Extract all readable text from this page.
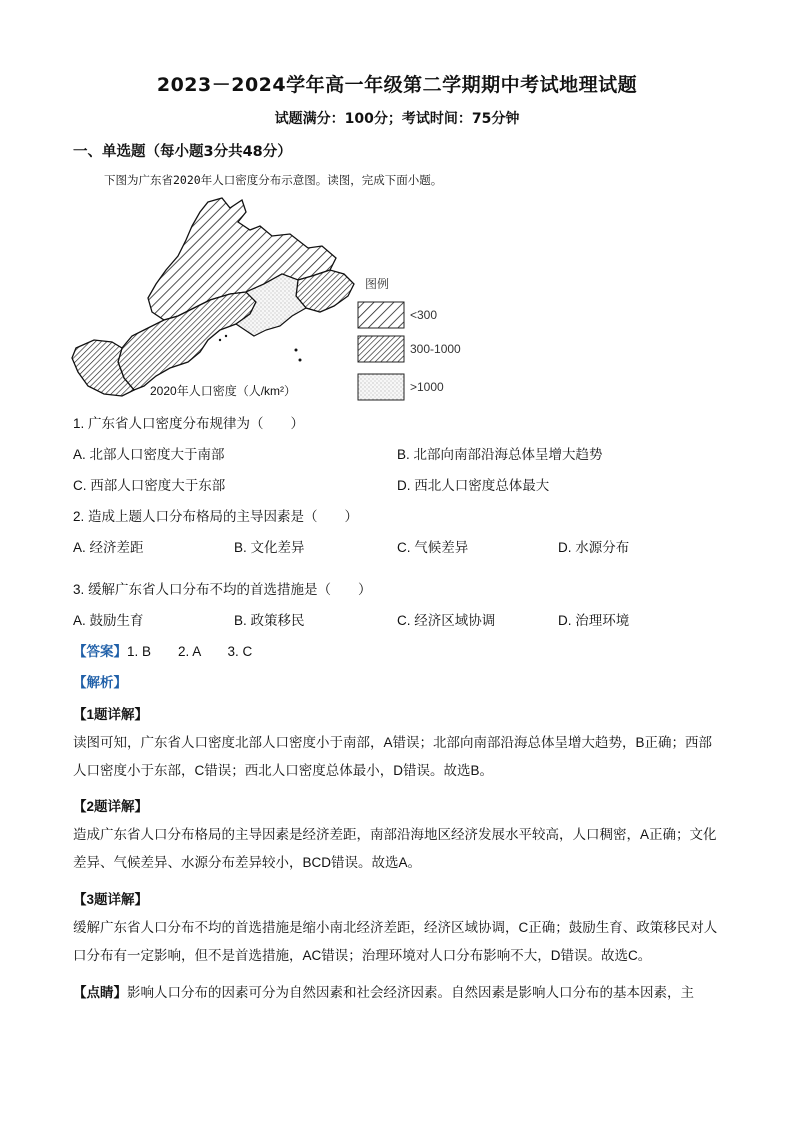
2023－2024学年高一年级第二学期期中考试地理试题
试题满分：100分；考试时间：75分钟
一、单选题（每小题3分共48分）
下图为广东省2020年人口密度分布示意图。读图，完成下面小题。
2020年人口密度（人/km²）
图例
<300
300-1000
>1000
1. 广东省人口密度分布规律为（　　）
A. 北部人口密度大于南部	B. 北部向南部沿海总体呈增大趋势
C. 西部人口密度大于东部	D. 西北人口密度总体最大
2. 造成上题人口分布格局的主导因素是（　　）
A. 经济差距	B. 文化差异	C. 气候差异	D. 水源分布
3. 缓解广东省人口分布不均的首选措施是（　　）
A. 鼓励生育	B. 政策移民	C. 经济区域协调	D. 治理环境
【答案】1. B　　2. A　　3. C
【解析】
【1题详解】
读图可知，广东省人口密度北部人口密度小于南部，A错误；北部向南部沿海总体呈增大趋势，B正确；西部人口密度小于东部，C错误；西北人口密度总体最小，D错误。故选B。
【2题详解】
造成广东省人口分布格局的主导因素是经济差距，南部沿海地区经济发展水平较高，人口稠密，A正确；文化差异、气候差异、水源分布差异较小，BCD错误。故选A。
【3题详解】
缓解广东省人口分布不均的首选措施是缩小南北经济差距，经济区域协调，C正确；鼓励生育、政策移民对人口分布有一定影响，但不是首选措施，AC错误；治理环境对人口分布影响不大，D错误。故选C。
【点睛】影响人口分布的因素可分为自然因素和社会经济因素。自然因素是影响人口分布的基本因素，主
